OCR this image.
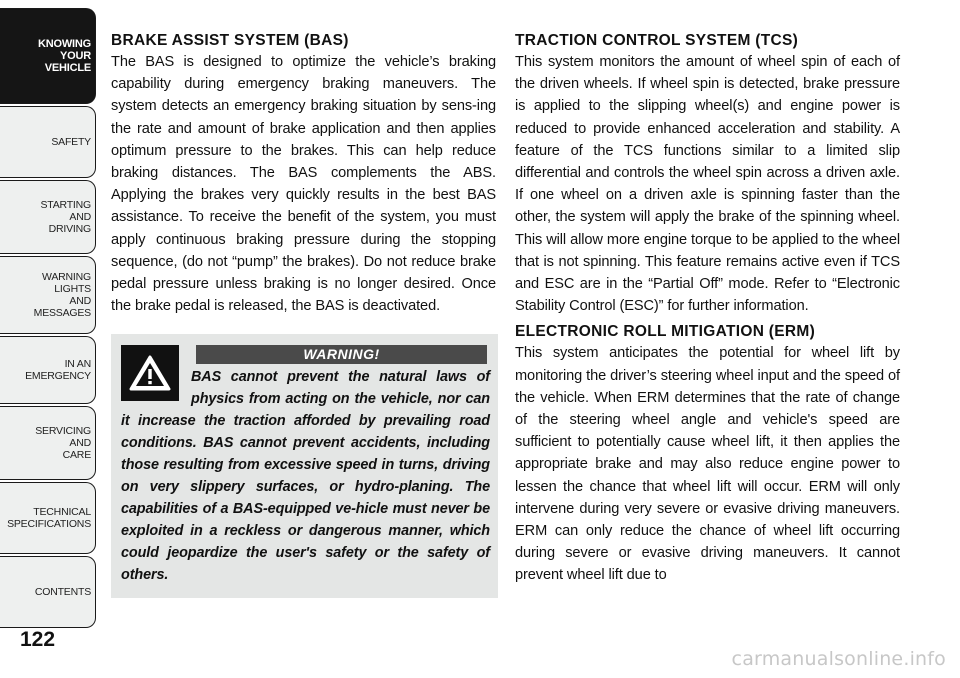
KNOWING
YOUR
VEHICLE
SAFETY
STARTING
AND
DRIVING
WARNING
LIGHTS
AND
MESSAGES
IN AN
EMERGENCY
SERVICING
AND
CARE
TECHNICAL
SPECIFICATIONS
CONTENTS
122
BRAKE ASSIST SYSTEM (BAS)

The BAS is designed to optimize the vehicle’s braking capability during emergency braking maneuvers. The system detects an emergency braking situation by sens-ing the rate and amount of brake application and then applies optimum pressure to the brakes. This can help reduce braking distances. The BAS complements the ABS. Applying the brakes very quickly results in the best BAS assistance. To receive the benefit of the system, you must apply continuous braking pressure during the stopping sequence, (do not “pump” the brakes). Do not reduce brake pedal pressure unless braking is no longer desired. Once the brake pedal is released, the BAS is deactivated.

WARNING!
BAS cannot prevent the natural laws of physics from acting on the vehicle, nor can it increase the traction afforded by prevailing road conditions. BAS cannot prevent accidents, including those resulting from excessive speed in turns, driving on very slippery surfaces, or hydro-planing. The capabilities of a BAS-equipped ve-hicle must never be exploited in a reckless or dangerous manner, which could jeopardize the user's safety or the safety of others.
TRACTION CONTROL SYSTEM (TCS)

This system monitors the amount of wheel spin of each of the driven wheels. If wheel spin is detected, brake pressure is applied to the slipping wheel(s) and engine power is reduced to provide enhanced acceleration and stability. A feature of the TCS functions similar to a limited slip differential and controls the wheel spin across a driven axle. If one wheel on a driven axle is spinning faster than the other, the system will apply the brake of the spinning wheel. This will allow more engine torque to be applied to the wheel that is not spinning. This feature remains active even if TCS and ESC are in the “Partial Off” mode. Refer to “Electronic Stability Control (ESC)” for further information.

ELECTRONIC ROLL MITIGATION (ERM)

This system anticipates the potential for wheel lift by monitoring the driver’s steering wheel input and the speed of the vehicle. When ERM determines that the rate of change of the steering wheel angle and vehicle's speed are sufficient to potentially cause wheel lift, it then applies the appropriate brake and may also reduce engine power to lessen the chance that wheel lift will occur. ERM will only intervene during very severe or evasive driving maneuvers. ERM can only reduce the chance of wheel lift occurring during severe or evasive driving maneuvers. It cannot prevent wheel lift due to

carmanualsonline.info
